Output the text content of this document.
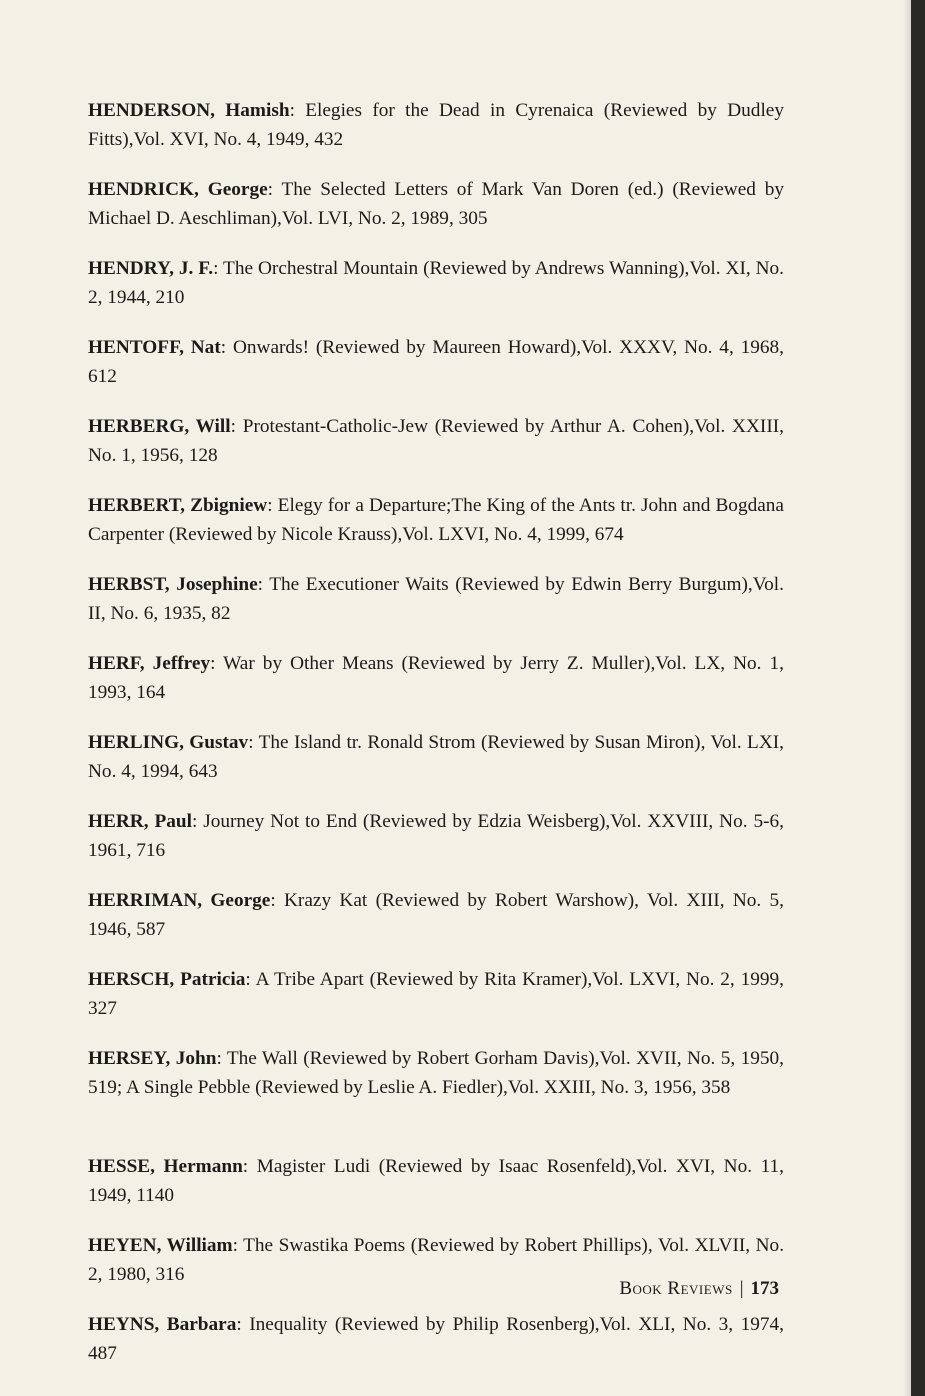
HENDERSON, Hamish: Elegies for the Dead in Cyrenaica (Reviewed by Dudley Fitts),Vol. XVI, No. 4, 1949, 432

HENDRICK, George: The Selected Letters of Mark Van Doren (ed.) (Reviewed by Michael D. Aeschliman),Vol. LVI, No. 2, 1989, 305

HENDRY, J. F.: The Orchestral Mountain (Reviewed by Andrews Wanning),Vol. XI, No. 2, 1944, 210

HENTOFF, Nat: Onwards! (Reviewed by Maureen Howard),Vol. XXXV, No. 4, 1968, 612

HERBERG, Will: Protestant-Catholic-Jew (Reviewed by Arthur A. Cohen),Vol. XXIII, No. 1, 1956, 128

HERBERT, Zbigniew: Elegy for a Departure;The King of the Ants tr. John and Bogdana Carpenter (Reviewed by Nicole Krauss),Vol. LXVI, No. 4, 1999, 674

HERBST, Josephine: The Executioner Waits (Reviewed by Edwin Berry Burgum),Vol. II, No. 6, 1935, 82

HERF, Jeffrey: War by Other Means (Reviewed by Jerry Z. Muller),Vol. LX, No. 1, 1993, 164

HERLING, Gustav: The Island tr. Ronald Strom (Reviewed by Susan Miron), Vol. LXI, No. 4, 1994, 643

HERR, Paul: Journey Not to End (Reviewed by Edzia Weisberg),Vol. XXVIII, No. 5-6, 1961, 716

HERRIMAN, George: Krazy Kat (Reviewed by Robert Warshow), Vol. XIII, No. 5, 1946, 587

HERSCH, Patricia: A Tribe Apart (Reviewed by Rita Kramer),Vol. LXVI, No. 2, 1999, 327

HERSEY, John: The Wall (Reviewed by Robert Gorham Davis),Vol. XVII, No. 5, 1950, 519; A Single Pebble (Reviewed by Leslie A. Fiedler),Vol. XXIII, No. 3, 1956, 358

HESSE, Hermann: Magister Ludi (Reviewed by Isaac Rosenfeld),Vol. XVI, No. 11, 1949, 1140

HEYEN, William: The Swastika Poems (Reviewed by Robert Phillips), Vol. XLVII, No. 2, 1980, 316

HEYNS, Barbara: Inequality (Reviewed by Philip Rosenberg),Vol. XLI, No. 3, 1974, 487

Book Reviews | 173
